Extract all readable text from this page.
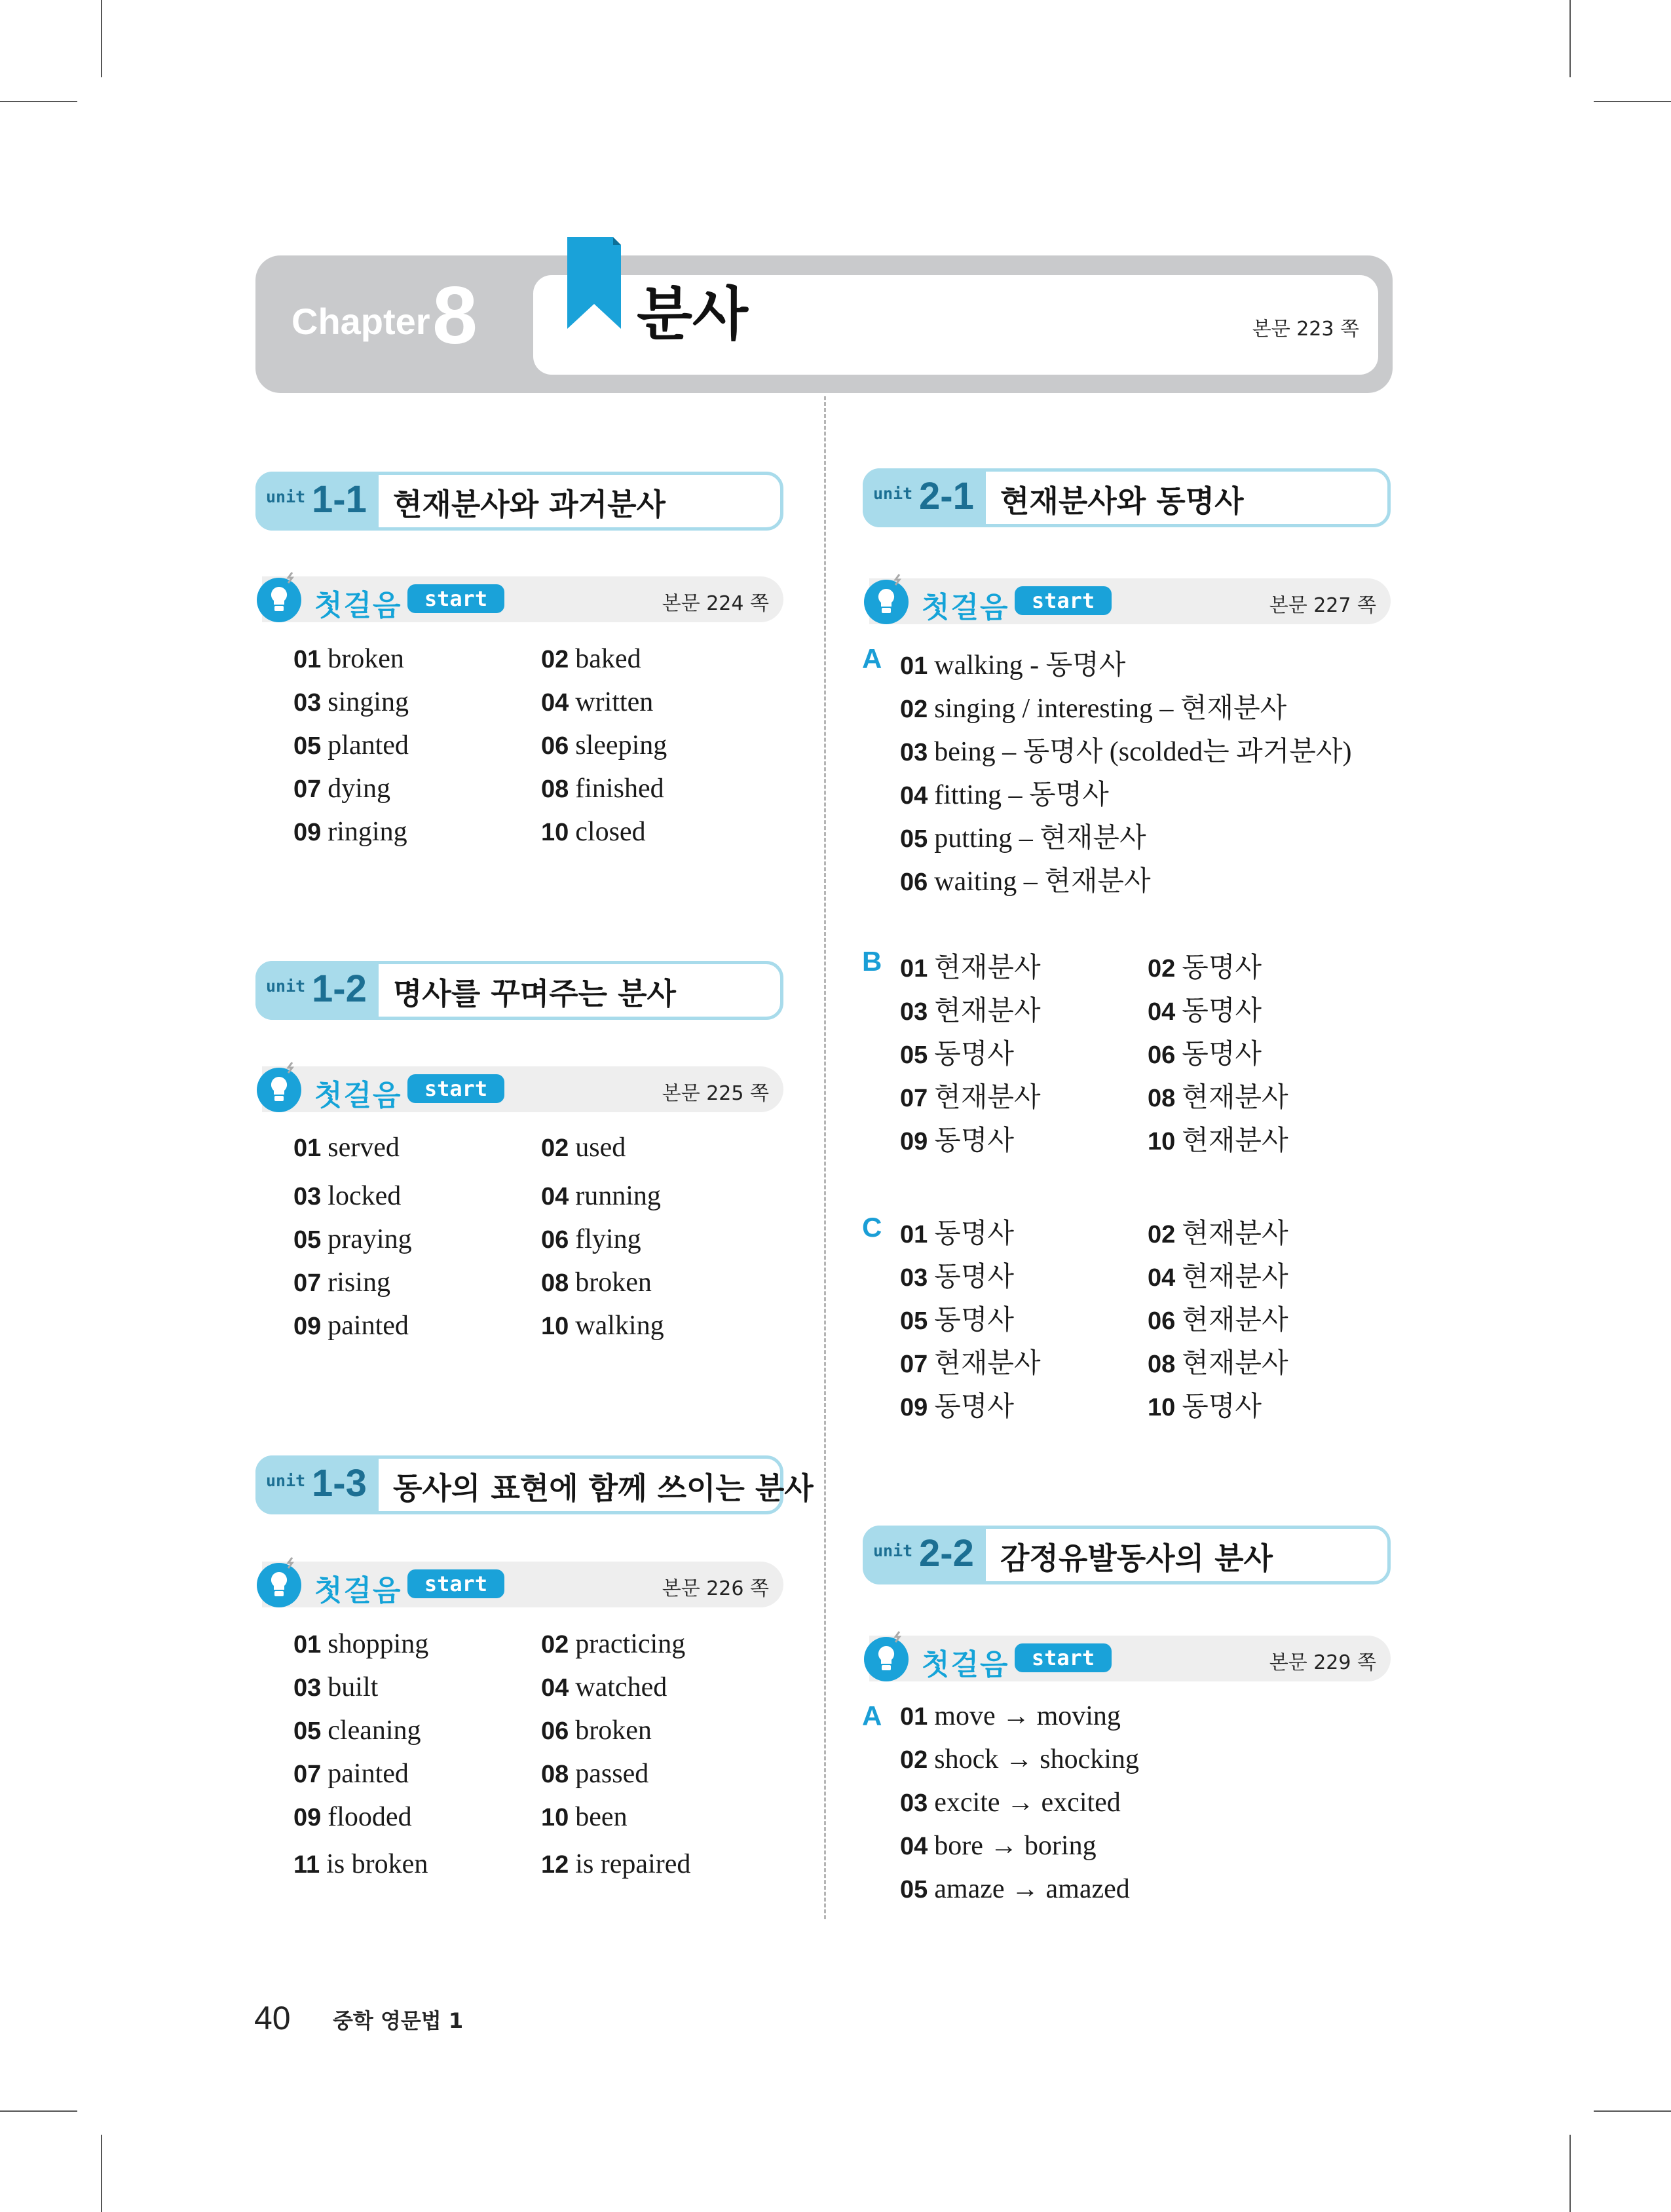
Chapter 8	분사	본문 223 쪽
unit 1-1 현재분사와 과거분사
첫걸음	start	본문 224 쪽
01 broken	02 baked
03 singing	04 written
05 planted	06 sleeping
07 dying	08 finished
09 ringing	10 closed
unit 1-2 명사를 꾸며주는 분사
첫걸음	start	본문 225 쪽
01 served	02 used
03 locked	04 running
05 praying	06 flying
07 rising	08 broken
09 painted	10 walking
unit 1-3 동사의 표현에 함께 쓰이는 분사
첫걸음	start	본문 226 쪽
01 shopping	02 practicing
03 built	04 watched
05 cleaning	06 broken
07 painted	08 passed
09 flooded	10 been
11 is broken	12 is repaired
unit 2-1 현재분사와 동명사
첫걸음	start	본문 227 쪽
A 01 walking - 동명사
02 singing / interesting – 현재분사
03 being – 동명사 (scolded는 과거분사)
04 fitting – 동명사
05 putting – 현재분사
06 waiting – 현재분사
B 01 현재분사	02 동명사
03 현재분사	04 동명사
05 동명사	06 동명사
07 현재분사	08 현재분사
09 동명사	10 현재분사
C 01 동명사	02 현재분사
03 동명사	04 현재분사
05 동명사	06 현재분사
07 현재분사	08 현재분사
09 동명사	10 동명사
unit 2-2 감정유발동사의 분사
첫걸음	start	본문 229 쪽
A 01 move → moving
02 shock → shocking
03 excite → excited
04 bore → boring
05 amaze → amazed
40 중학 영문법 1
